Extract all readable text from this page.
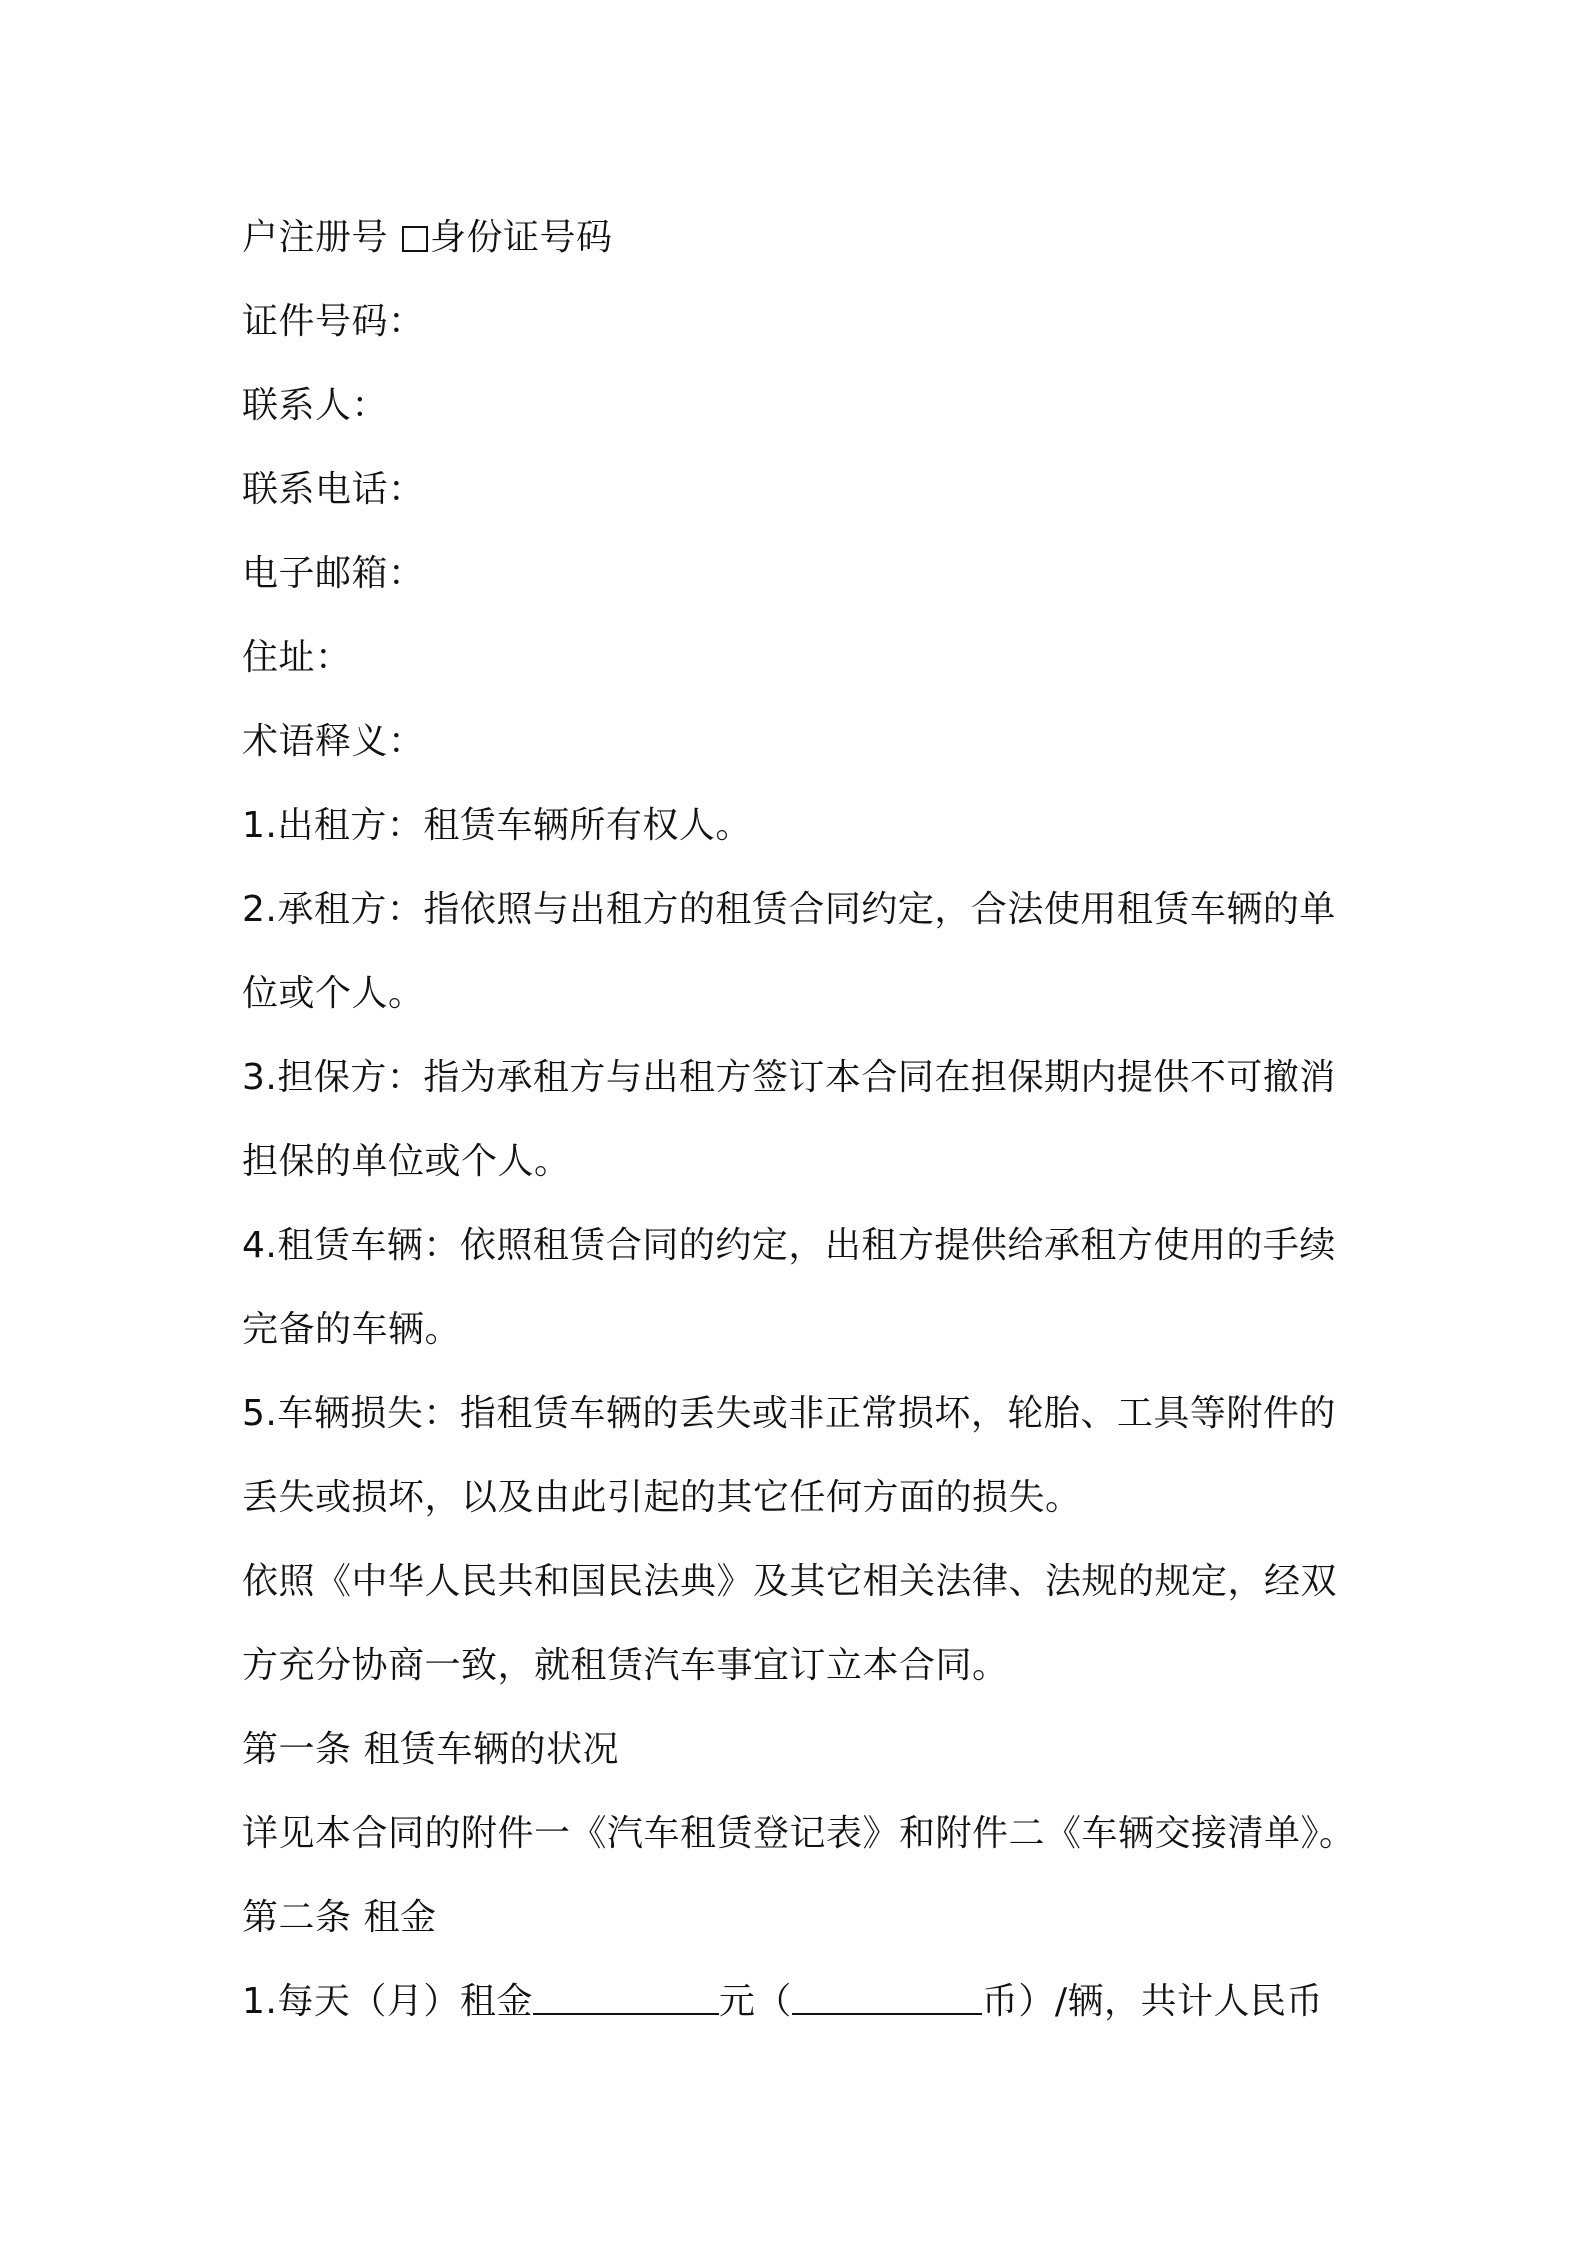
户注册号 身份证号码
证件号码：
联系人：
联系电话：
电子邮箱：
住址：
术语释义：
1.出租方：租赁车辆所有权人。
2.承租方：指依照与出租方的租赁合同约定，合法使用租赁车辆的单
位或个人。
3.担保方：指为承租方与出租方签订本合同在担保期内提供不可撤消
担保的单位或个人。
4.租赁车辆：依照租赁合同的约定，出租方提供给承租方使用的手续
完备的车辆。
5.车辆损失：指租赁车辆的丢失或非正常损坏，轮胎、工具等附件的
丢失或损坏，以及由此引起的其它任何方面的损失。
依照《中华人民共和国民法典》及其它相关法律、法规的规定，经双
方充分协商一致，就租赁汽车事宜订立本合同。
第一条 租赁车辆的状况
详见本合同的附件一《汽车租赁登记表》和附件二《车辆交接清单》。
第二条 租金
1.每天（月）租金	元（	币）/辆，共计人民币
